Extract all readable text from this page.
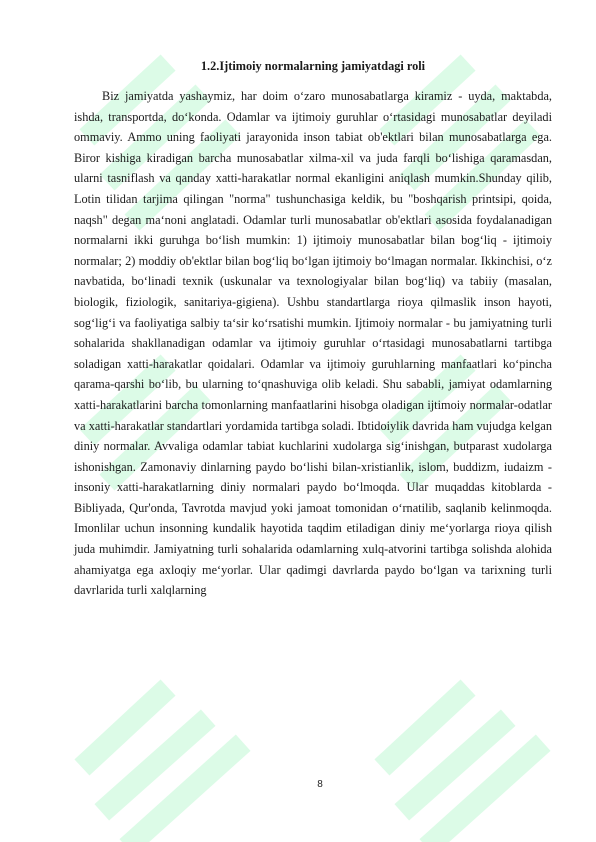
1.2.Ijtimoiy normalarning jamiyatdagi roli

Biz jamiyatda yashaymiz, har doim o‘zaro munosabatlarga kiramiz - uyda, maktabda, ishda, transportda, do‘konda. Odamlar va ijtimoiy guruhlar o‘rtasidagi munosabatlar deyiladi ommaviy. Ammo uning faoliyati jarayonida inson tabiat ob'ektlari bilan munosabatlarga ega. Biror kishiga kiradigan barcha munosabatlar xilma-xil va juda farqli bo‘lishiga qaramasdan, ularni tasniflash va qanday xatti-harakatlar normal ekanligini aniqlash mumkin.Shunday qilib, Lotin tilidan tarjima qilingan "norma" tushunchasiga keldik, bu "boshqarish printsipi, qoida, naqsh" degan ma‘noni anglatadi. Odamlar turli munosabatlar ob'ektlari asosida foydalanadigan normalarni ikki guruhga bo‘lish mumkin: 1) ijtimoiy munosabatlar bilan bog‘liq - ijtimoiy normalar; 2) moddiy ob'ektlar bilan bog‘liq bo‘lgan ijtimoiy bo‘lmagan normalar. Ikkinchisi, o‘z navbatida, bo‘linadi texnik (uskunalar va texnologiyalar bilan bog‘liq) va tabiiy (masalan, biologik, fiziologik, sanitariya-gigiena). Ushbu standartlarga rioya qilmaslik inson hayoti, sog‘lig‘i va faoliyatiga salbiy ta‘sir ko‘rsatishi mumkin. Ijtimoiy normalar - bu jamiyatning turli sohalarida shakllanadigan odamlar va ijtimoiy guruhlar o‘rtasidagi munosabatlarni tartibga soladigan xatti-harakatlar qoidalari. Odamlar va ijtimoiy guruhlarning manfaatlari ko‘pincha qarama-qarshi bo‘lib, bu ularning to‘qnashuviga olib keladi. Shu sababli, jamiyat odamlarning xatti-harakatlarini barcha tomonlarning manfaatlarini hisobga oladigan ijtimoiy normalar-odatlar va xatti-harakatlar standartlari yordamida tartibga soladi. Ibtidoiylik davrida ham vujudga kelgan diniy normalar. Avvaliga odamlar tabiat kuchlarini xudolarga sig‘inishgan, butparast xudolarga ishonishgan. Zamonaviy dinlarning paydo bo‘lishi bilan-xristianlik, islom, buddizm, iudaizm - insoniy xatti-harakatlarning diniy normalari paydo bo‘lmoqda. Ular muqaddas kitoblarda - Bibliyada, Qur'onda, Tavrotda mavjud yoki jamoat tomonidan o‘rnatilib, saqlanib kelinmoqda. Imonlilar uchun insonning kundalik hayotida taqdim etiladigan diniy me‘yorlarga rioya qilish juda muhimdir. Jamiyatning turli sohalarida odamlarning xulq-atvorini tartibga solishda alohida ahamiyatga ega axloqiy me‘yorlar. Ular qadimgi davrlarda paydo bo‘lgan va tarixning turli davrlarida turli xalqlarning

8
